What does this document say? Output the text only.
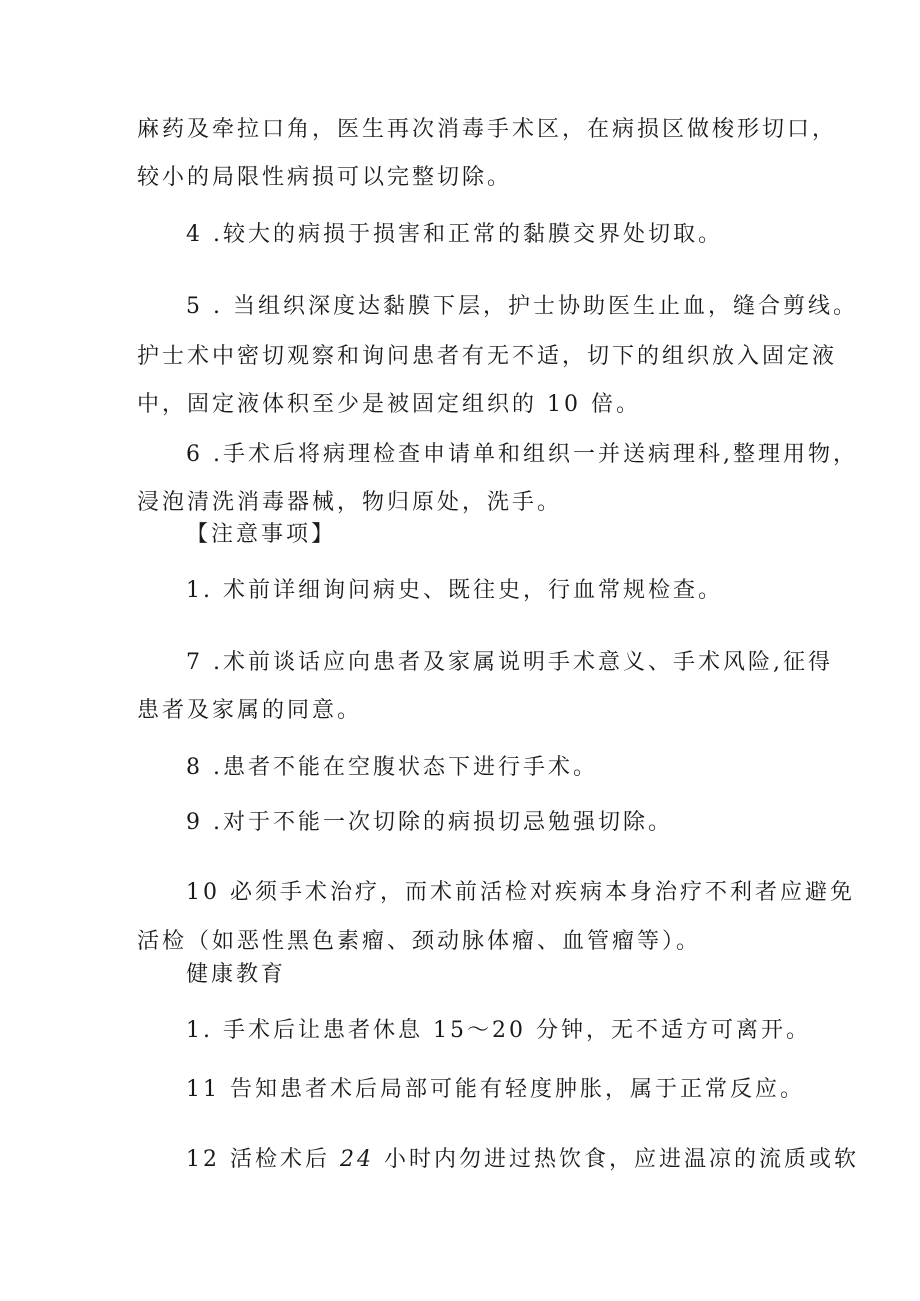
麻药及牵拉口角，医生再次消毒手术区，在病损区做梭形切口，

较小的局限性病损可以完整切除。

4 .较大的病损于损害和正常的黏膜交界处切取。

5 . 当组织深度达黏膜下层，护士协助医生止血，缝合剪线。

护士术中密切观察和询问患者有无不适，切下的组织放入固定液

中，固定液体积至少是被固定组织的 10 倍。

6 .手术后将病理检查申请单和组织一并送病理科,整理用物，

浸泡清洗消毒器械，物归原处，洗手。

【注意事项】

1. 术前详细询问病史、既往史，行血常规检查。

7 .术前谈话应向患者及家属说明手术意义、手术风险,征得

患者及家属的同意。

8 .患者不能在空腹状态下进行手术。

9 .对于不能一次切除的病损切忌勉强切除。

10 必须手术治疗，而术前活检对疾病本身治疗不利者应避免

活检（如恶性黑色素瘤、颈动脉体瘤、血管瘤等）。

健康教育

1. 手术后让患者休息 15～20 分钟，无不适方可离开。

11 告知患者术后局部可能有轻度肿胀，属于正常反应。

12 活检术后 24 小时内勿进过热饮食，应进温凉的流质或软
